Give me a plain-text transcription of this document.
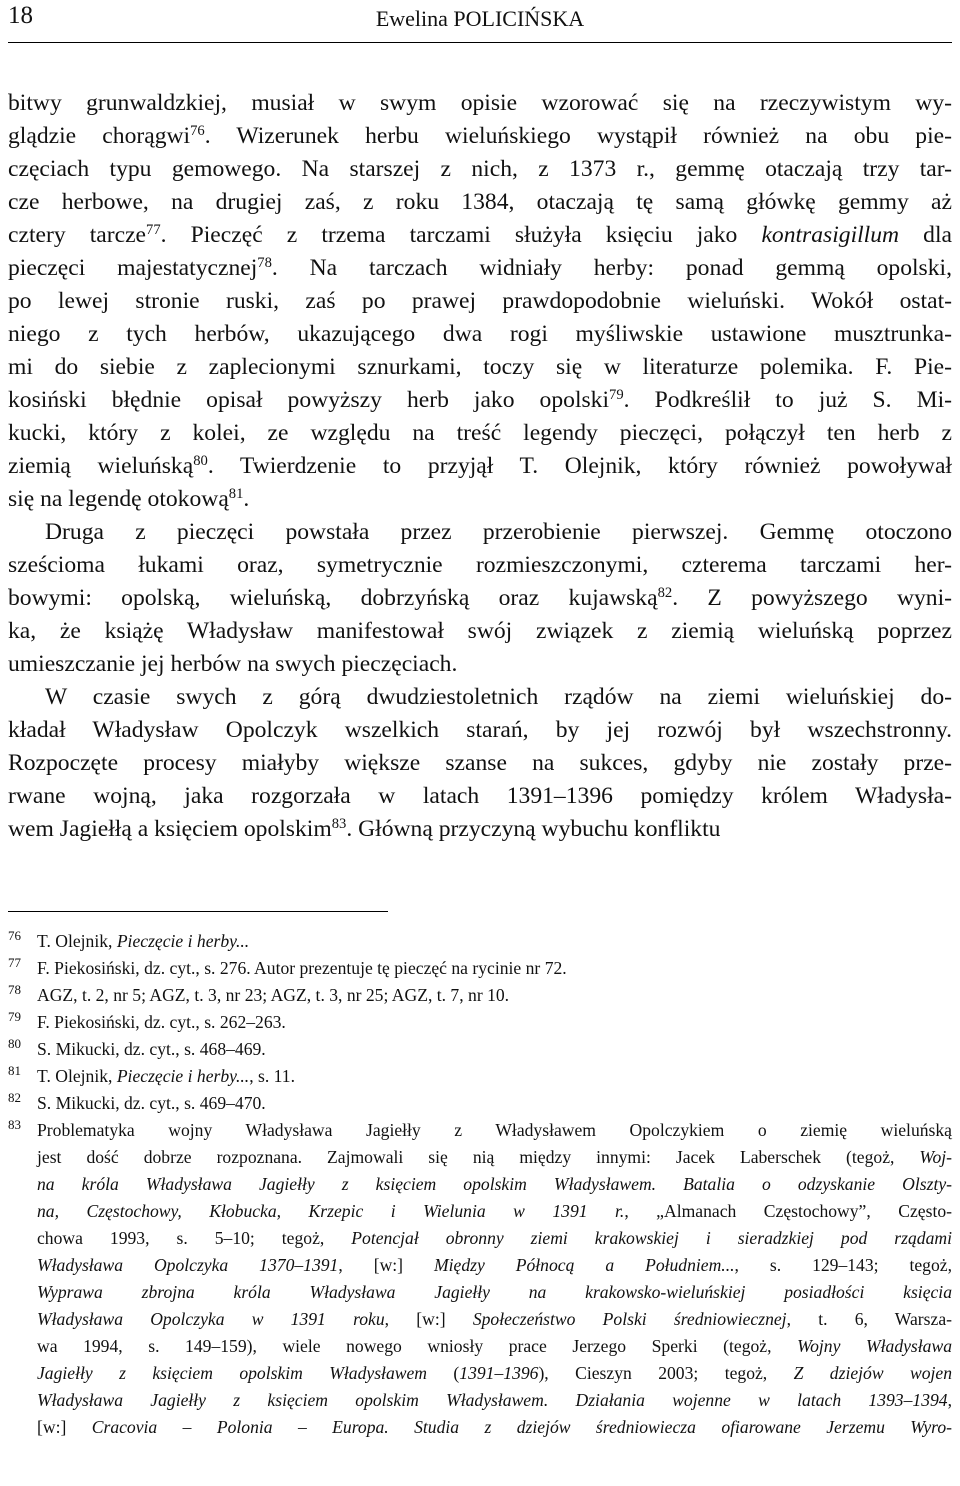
18	Ewelina POLICIŃSKA
bitwy grunwaldzkiej, musiał w swym opisie wzorować się na rzeczywistym wy-
glądzie chorągwi$^{76}$. Wizerunek herbu wieluńskiego wystąpił również na obu pie-
częciach typu gemowego. Na starszej z nich, z 1373 r., gemmę otaczają trzy tar-
cze herbowe, na drugiej zaś, z roku 1384, otaczają tę samą główkę gemmy aż
cztery tarcze$^{77}$. Pieczęć z trzema tarczami służyła księciu jako kontrasigillum dla
pieczęci majestatycznej$^{78}$. Na tarczach widniały herby: ponad gemmą opolski,
po lewej stronie ruski, zaś po prawej prawdopodobnie wieluński. Wokół ostat-
niego z tych herbów, ukazującego dwa rogi myśliwskie ustawione musztrunka-
mi do siebie z zaplecionymi sznurkami, toczy się w literaturze polemika. F. Pie-
kosiński błędnie opisał powyższy herb jako opolski$^{79}$. Podkreślił to już S. Mi-
kucki, który z kolei, ze względu na treść legendy pieczęci, połączył ten herb z
ziemią wieluńską$^{80}$. Twierdzenie to przyjął T. Olejnik, który również powoływał
się na legendę otokową$^{81}$.
Druga z pieczęci powstała przez przerobienie pierwszej. Gemmę otoczono
sześcioma łukami oraz, symetrycznie rozmieszczonymi, czterema tarczami her-
bowymi: opolską, wieluńską, dobrzyńską oraz kujawską$^{82}$. Z powyższego wyni-
ka, że książę Władysław manifestował swój związek z ziemią wieluńską poprzez
umieszczanie jej herbów na swych pieczęciach.
W czasie swych z górą dwudziestoletnich rządów na ziemi wieluńskiej do-
kładał Władysław Opolczyk wszelkich starań, by jej rozwój był wszechstronny.
Rozpoczęte procesy miałyby większe szanse na sukces, gdyby nie zostały prze-
rwane wojną, jaka rozgorzała w latach 1391–1396 pomiędzy królem Władysła-
wem Jagiełłą a księciem opolskim$^{83}$. Główną przyczyną wybuchu konfliktu
76 T. Olejnik, Pieczęcie i herby...
77 F. Piekosiński, dz. cyt., s. 276. Autor prezentuje tę pieczęć na rycinie nr 72.
78 AGZ, t. 2, nr 5; AGZ, t. 3, nr 23; AGZ, t. 3, nr 25; AGZ, t. 7, nr 10.
79 F. Piekosiński, dz. cyt., s. 262–263.
80 S. Mikucki, dz. cyt., s. 468–469.
81 T. Olejnik, Pieczęcie i herby..., s. 11.
82 S. Mikucki, dz. cyt., s. 469–470.
83 Problematyka wojny Władysława Jagiełły z Władysławem Opolczykiem o ziemię wieluńską
jest dość dobrze rozpoznana. Zajmowali się nią między innymi: Jacek Laberschek (tegoż, Woj-
na króla Władysława Jagiełły z księciem opolskim Władysławem. Batalia o odzyskanie Olszty-
na, Częstochowy, Kłobucka, Krzepic i Wielunia w 1391 r., „Almanach Częstochowy”, Często-
chowa 1993, s. 5–10; tegoż, Potencjał obronny ziemi krakowskiej i sieradzkiej pod rządami
Władysława Opolczyka 1370–1391, [w:] Między Północą a Południem..., s. 129–143; tegoż,
Wyprawa zbrojna króla Władysława Jagiełły na krakowsko-wieluńskiej posiadłości księcia
Władysława Opolczyka w 1391 roku, [w:] Społeczeństwo Polski średniowiecznej, t. 6, Warsza-
wa 1994, s. 149–159), wiele nowego wniosły prace Jerzego Sperki (tegoż, Wojny Władysława
Jagiełły z księciem opolskim Władysławem (1391–1396), Cieszyn 2003; tegoż, Z dziejów wojen
Władysława Jagiełły z księciem opolskim Władysławem. Działania wojenne w latach 1393–1394,
[w:] Cracovia – Polonia – Europa. Studia z dziejów średniowiecza ofiarowane Jerzemu Wyro-
